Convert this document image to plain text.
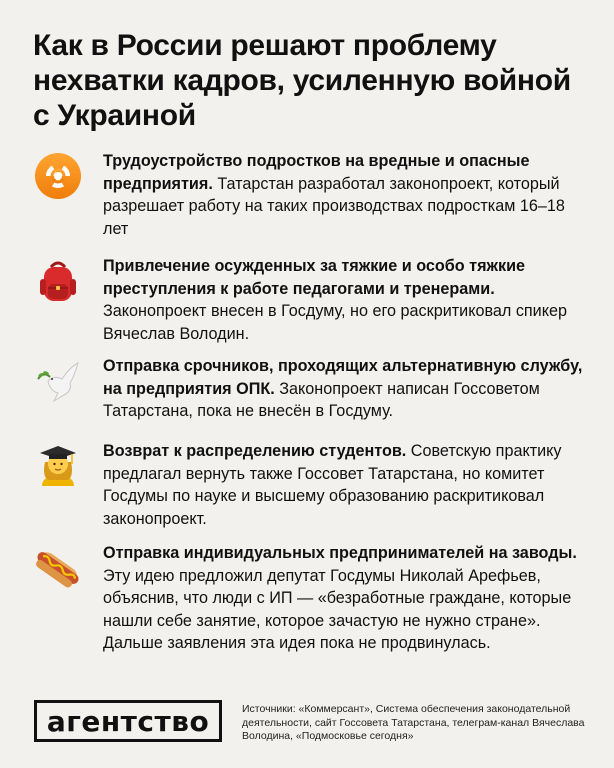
Как в России решают проблему нехватки кадров, усиленную войной с Украиной
Трудоустройство подростков на вредные и опасные предприятия. Татарстан разработал законопроект, который разрешает работу на таких производствах подросткам 16–18 лет
Привлечение осужденных за тяжкие и особо тяжкие преступления к работе педагогами и тренерами. Законопроект внесен в Госдуму, но его раскритиковал спикер Вячеслав Володин.
Отправка срочников, проходящих альтернативную службу, на предприятия ОПК. Законопроект написан Госсоветом Татарстана, пока не внесён в Госдуму.
Возврат к распределению студентов. Советскую практику предлагал вернуть также Госсовет Татарстана, но комитет Госдумы по науке и высшему образованию раскритиковал законопроект.
Отправка индивидуальных предпринимателей на заводы. Эту идею предложил депутат Госдумы Николай Арефьев, объяснив, что люди с ИП — «безработные граждане, которые нашли себе занятие, которое зачастую не нужно стране». Дальше заявления эта идея пока не продвинулась.
агентство	Источники: «Коммерсант», Система обеспечения законодательной деятельности, сайт Госсовета Татарстана, телеграм-канал Вячеслава Володина, «Подмосковье сегодня»
